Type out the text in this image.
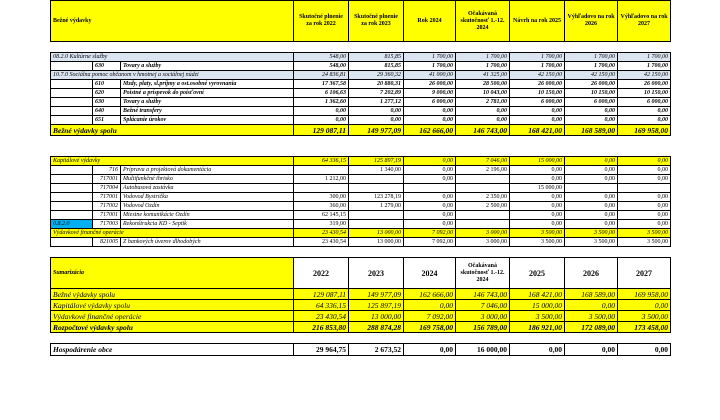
Bežné výdavky			Skutočné plnenie za rok 2022	Skutočné plnenie za rok 2023	Rok 2024	Očakávaná skutočnosť 1.-12. 2024	Návrh na rok 2025	Výhľadovo na rok 2026	Výhľadovo na rok 2027

08.2.0 Kultúrne služby			548,00	815,85	1 700,00	1 700,00	1 700,00	1 700,00	1 700,00
	630	Tovary a služby	548,00	815,85	1 700,00	1 700,00	1 700,00	1 700,00	1 700,00
10.7.0 Sociálna pomoc občanom v hmotnej a sociálnej núdzi			24 836,81	29 360,32	41 000,00	41 325,00	42 150,00	42 150,00	42 150,00
	610	Mzdy, platy, sl.príjmy a ost.osobné vyrovnania	17 367,58	20 880,31	26 000,00	28 500,00	26 000,00	26 000,00	26 000,00
	620	Poistné a príspevok do poisťovní	6 106,63	7 202,89	9 000,00	10 043,00	10 150,00	10 150,00	10 150,00
	630	Tovary a služby	1 362,60	1 277,12	6 000,00	2 781,00	6 000,00	6 000,00	6 000,00
	640	Bežné transfery	0,00	0,00	0,00	0,00	0,00	0,00	0,00
	651	Splácanie úrokov	0,00	0,00	0,00	0,00	0,00	0,00	0,00
Bežné výdavky spolu			129 087,11	149 977,09	162 666,00	146 743,00	168 421,00	168 589,00	169 958,00

Kapitálové výdavky			64 336,15	125 897,19	0,00	7 046,00	15 000,00	0,00	0,00
	716	Príprava a projektová dokumentácia		1 340,00	0,00	2 196,00	0,00	0,00	0,00
	717001	Multifunkčné ihrisko	1 212,00		0,00		0,00	0,00	0,00
	717004	Autobusová zastávka					15 000,00		
	717001	Vodovod Bystrička	300,00	123 278,19	0,00	2 350,00	0,00	0,00	0,00
	717002	Vodovod Ozdín	360,00	1 279,00	0,00	2 500,00	0,00	0,00	0,00
	717001	Miestne komunikácie Ozdín	62 145,15		0,00		0,00	0,00	0,00
0.8.2.0	717003	Rekonštrukcia KD - Septik	319,00		0,00		0,00	0,00	0,00
Výdavkové finančné operácie			23 430,54	13 000,00	7 092,00	3 000,00	3 500,00	3 500,00	3 500,00
	821005	Z bankových úverov dlhodobých	23 430,54	13 000,00	7 092,00	3 000,00	3 500,00	3 500,00	3 500,00

Sumarizácia			2022	2023	2024	Očakávaná skutočnosť 1.-12. 2024	2025	2026	2027
Bežné výdavky spolu			129 087,11	149 977,09	162 666,00	146 743,00	168 421,00	168 589,00	169 958,00
Kapitálové výdavky spolu			64 336,15	125 897,19	0,00	7 046,00	15 000,00	0,00	0,00
Výdavkové finančné operácie			23 430,54	13 000,00	7 092,00	3 000,00	3 500,00	3 500,00	3 500,00
Rozpočtové výdavky spolu			216 853,80	288 874,28	169 758,00	156 789,00	186 921,00	172 089,00	173 458,00

Hospodárenie obce			29 964,75	2 673,52	0,00	16 000,00	0,00	0,00	0,00
